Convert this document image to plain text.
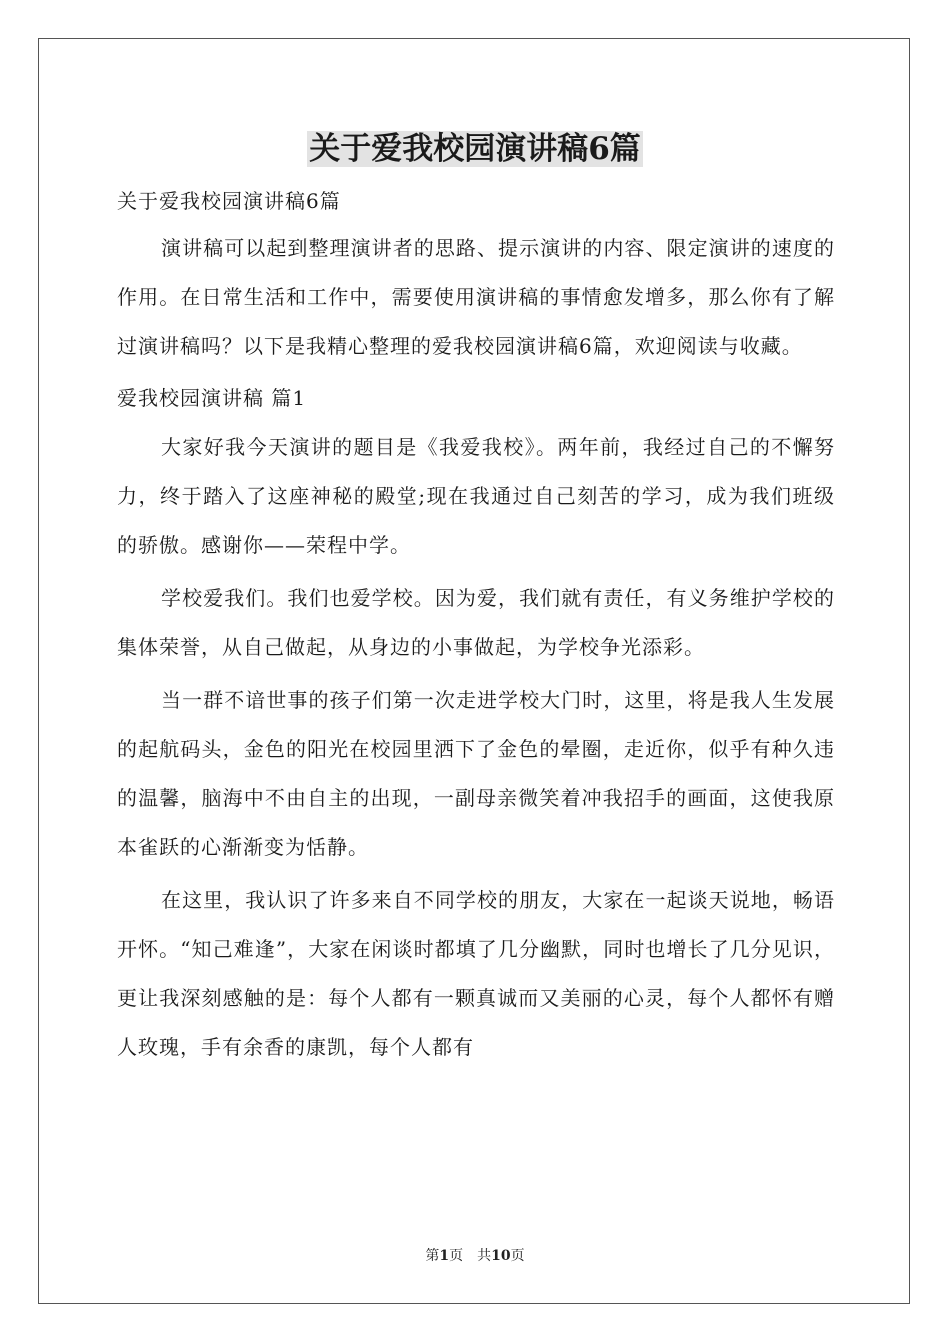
关于爱我校园演讲稿6篇

关于爱我校园演讲稿6篇

演讲稿可以起到整理演讲者的思路、提示演讲的内容、限定演讲的速度的作用。在日常生活和工作中，需要使用演讲稿的事情愈发增多，那么你有了解过演讲稿吗？以下是我精心整理的爱我校园演讲稿6篇，欢迎阅读与收藏。

爱我校园演讲稿 篇1

大家好我今天演讲的题目是《我爱我校》。两年前，我经过自己的不懈努力，终于踏入了这座神秘的殿堂;现在我通过自己刻苦的学习，成为我们班级的骄傲。感谢你——荣程中学。

学校爱我们。我们也爱学校。因为爱，我们就有责任，有义务维护学校的集体荣誉，从自己做起，从身边的小事做起，为学校争光添彩。

当一群不谙世事的孩子们第一次走进学校大门时，这里，将是我人生发展的起航码头，金色的阳光在校园里洒下了金色的晕圈，走近你，似乎有种久违的温馨，脑海中不由自主的出现，一副母亲微笑着冲我招手的画面，这使我原本雀跃的心渐渐变为恬静。

在这里，我认识了许多来自不同学校的朋友，大家在一起谈天说地，畅语开怀。“知己难逢”，大家在闲谈时都填了几分幽默，同时也增长了几分见识，更让我深刻感触的是：每个人都有一颗真诚而又美丽的心灵，每个人都怀有赠人玫瑰，手有余香的康凯，每个人都有

第1页　共10页
